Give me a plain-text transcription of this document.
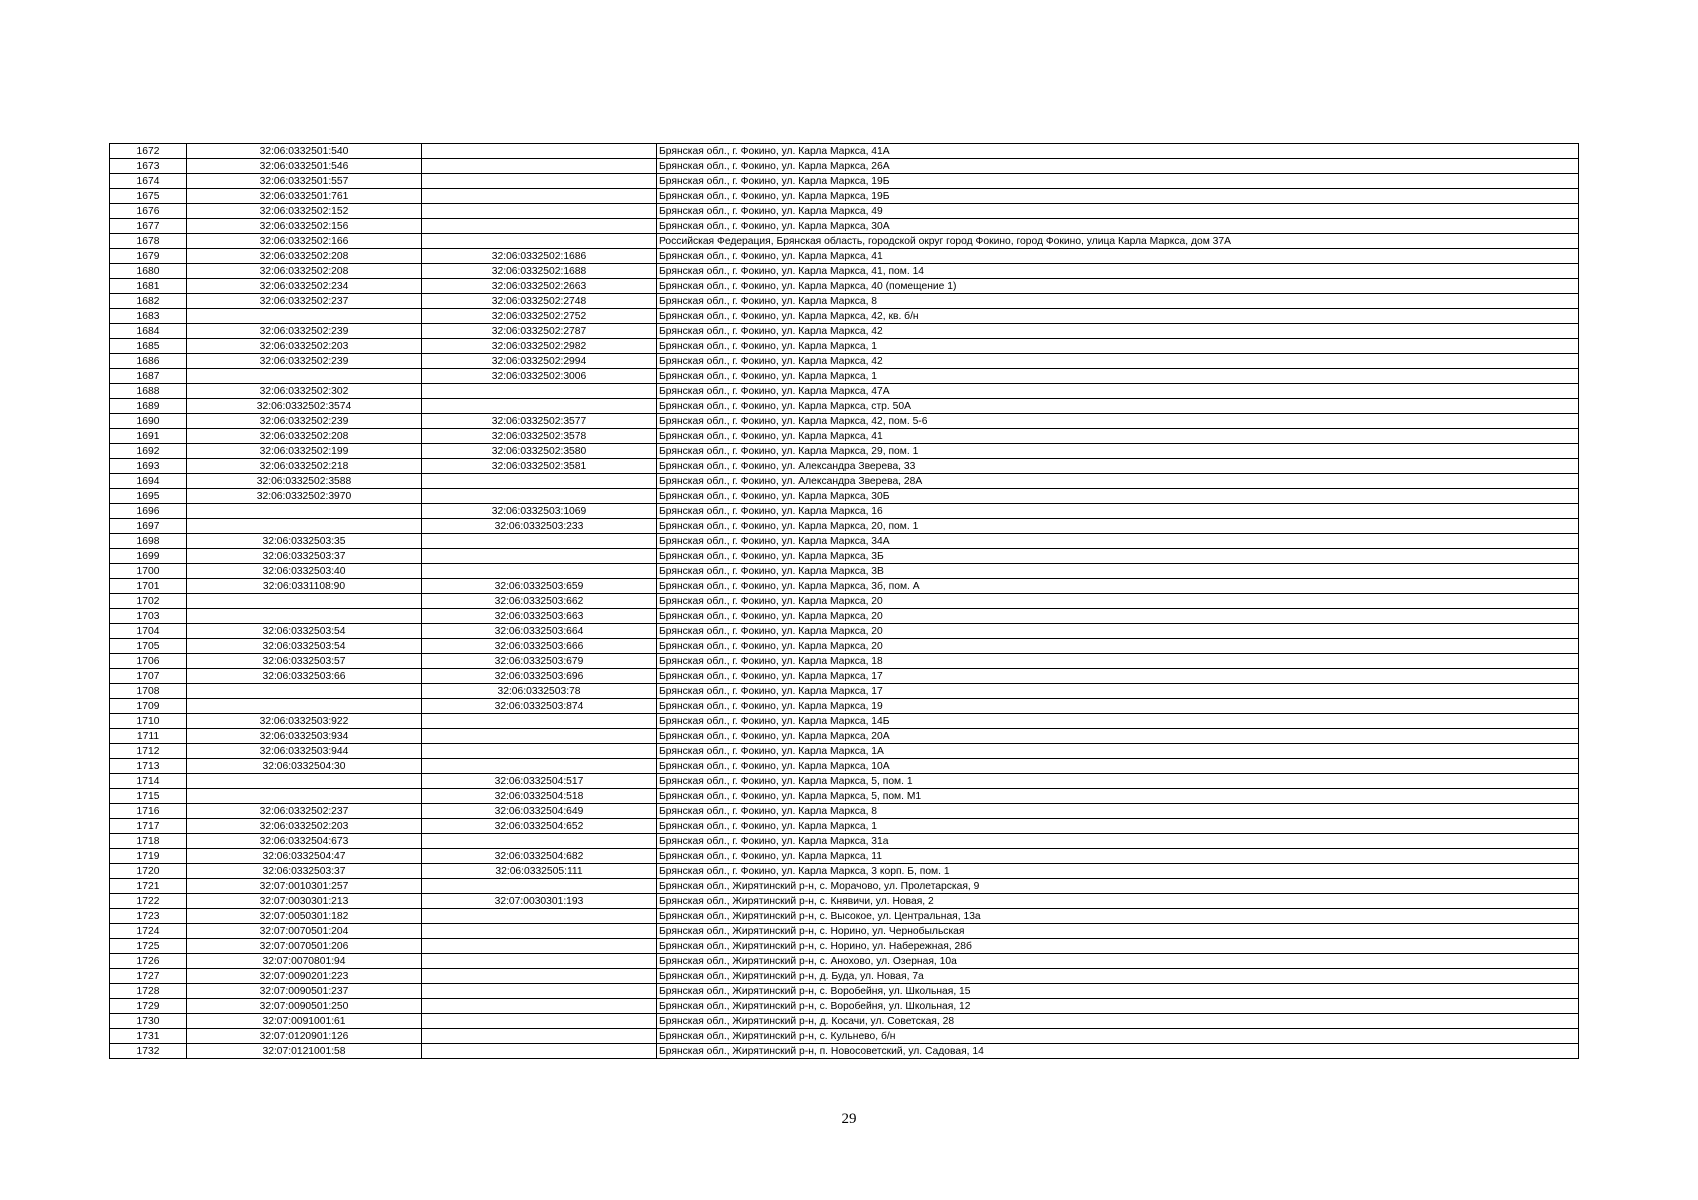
1672	32:06:0332501:540		Брянская обл., г. Фокино, ул. Карла Маркса, 41А
1673	32:06:0332501:546		Брянская обл., г. Фокино, ул. Карла Маркса, 26А
1674	32:06:0332501:557		Брянская обл., г. Фокино, ул. Карла Маркса, 19Б
1675	32:06:0332501:761		Брянская обл., г. Фокино, ул. Карла Маркса, 19Б
1676	32:06:0332502:152		Брянская обл., г. Фокино, ул. Карла Маркса, 49
1677	32:06:0332502:156		Брянская обл., г. Фокино, ул. Карла Маркса, 30А
1678	32:06:0332502:166		Российская Федерация, Брянская область, городской округ город Фокино, город Фокино, улица Карла Маркса, дом 37А
1679	32:06:0332502:208	32:06:0332502:1686	Брянская обл., г. Фокино, ул. Карла Маркса, 41
1680	32:06:0332502:208	32:06:0332502:1688	Брянская обл., г. Фокино, ул. Карла Маркса, 41, пом. 14
1681	32:06:0332502:234	32:06:0332502:2663	Брянская обл., г. Фокино, ул. Карла Маркса, 40 (помещение 1)
1682	32:06:0332502:237	32:06:0332502:2748	Брянская обл., г. Фокино, ул. Карла Маркса, 8
1683		32:06:0332502:2752	Брянская обл., г. Фокино, ул. Карла Маркса, 42, кв. б/н
1684	32:06:0332502:239	32:06:0332502:2787	Брянская обл., г. Фокино, ул. Карла Маркса, 42
1685	32:06:0332502:203	32:06:0332502:2982	Брянская обл., г. Фокино, ул. Карла Маркса, 1
1686	32:06:0332502:239	32:06:0332502:2994	Брянская обл., г. Фокино, ул. Карла Маркса, 42
1687		32:06:0332502:3006	Брянская обл., г. Фокино, ул. Карла Маркса, 1
1688	32:06:0332502:302		Брянская обл., г. Фокино, ул. Карла Маркса, 47А
1689	32:06:0332502:3574		Брянская обл., г. Фокино, ул. Карла Маркса, стр. 50А
1690	32:06:0332502:239	32:06:0332502:3577	Брянская обл., г. Фокино, ул. Карла Маркса, 42, пом. 5-6
1691	32:06:0332502:208	32:06:0332502:3578	Брянская обл., г. Фокино, ул. Карла Маркса, 41
1692	32:06:0332502:199	32:06:0332502:3580	Брянская обл., г. Фокино, ул. Карла Маркса, 29, пом. 1
1693	32:06:0332502:218	32:06:0332502:3581	Брянская обл., г. Фокино, ул. Александра Зверева, 33
1694	32:06:0332502:3588		Брянская обл., г. Фокино, ул. Александра Зверева, 28А
1695	32:06:0332502:3970		Брянская обл., г. Фокино, ул. Карла Маркса, 30Б
1696		32:06:0332503:1069	Брянская обл., г. Фокино, ул. Карла Маркса, 16
1697		32:06:0332503:233	Брянская обл., г. Фокино, ул. Карла Маркса, 20, пом. 1
1698	32:06:0332503:35		Брянская обл., г. Фокино, ул. Карла Маркса, 34А
1699	32:06:0332503:37		Брянская обл., г. Фокино, ул. Карла Маркса, 3Б
1700	32:06:0332503:40		Брянская обл., г. Фокино, ул. Карла Маркса, 3В
1701	32:06:0331108:90	32:06:0332503:659	Брянская обл., г. Фокино, ул. Карла Маркса, 3б, пом. А
1702		32:06:0332503:662	Брянская обл., г. Фокино, ул. Карла Маркса, 20
1703		32:06:0332503:663	Брянская обл., г. Фокино, ул. Карла Маркса, 20
1704	32:06:0332503:54	32:06:0332503:664	Брянская обл., г. Фокино, ул. Карла Маркса, 20
1705	32:06:0332503:54	32:06:0332503:666	Брянская обл., г. Фокино, ул. Карла Маркса, 20
1706	32:06:0332503:57	32:06:0332503:679	Брянская обл., г. Фокино, ул. Карла Маркса, 18
1707	32:06:0332503:66	32:06:0332503:696	Брянская обл., г. Фокино, ул. Карла Маркса, 17
1708		32:06:0332503:78	Брянская обл., г. Фокино, ул. Карла Маркса, 17
1709		32:06:0332503:874	Брянская обл., г. Фокино, ул. Карла Маркса, 19
1710	32:06:0332503:922		Брянская обл., г. Фокино, ул. Карла Маркса, 14Б
1711	32:06:0332503:934		Брянская обл., г. Фокино, ул. Карла Маркса, 20А
1712	32:06:0332503:944		Брянская обл., г. Фокино, ул. Карла Маркса, 1А
1713	32:06:0332504:30		Брянская обл., г. Фокино, ул. Карла Маркса, 10А
1714		32:06:0332504:517	Брянская обл., г. Фокино, ул. Карла Маркса, 5, пом. 1
1715		32:06:0332504:518	Брянская обл., г. Фокино, ул. Карла Маркса, 5, пом. М1
1716	32:06:0332502:237	32:06:0332504:649	Брянская обл., г. Фокино, ул. Карла Маркса, 8
1717	32:06:0332502:203	32:06:0332504:652	Брянская обл., г. Фокино, ул. Карла Маркса, 1
1718	32:06:0332504:673		Брянская обл., г. Фокино, ул. Карла Маркса, 31а
1719	32:06:0332504:47	32:06:0332504:682	Брянская обл., г. Фокино, ул. Карла Маркса, 11
1720	32:06:0332503:37	32:06:0332505:111	Брянская обл., г. Фокино, ул. Карла Маркса, 3 корп. Б, пом. 1
1721	32:07:0010301:257		Брянская обл., Жирятинский р-н, с. Морачово, ул. Пролетарская, 9
1722	32:07:0030301:213	32:07:0030301:193	Брянская обл., Жирятинский р-н, с. Княвичи, ул. Новая, 2
1723	32:07:0050301:182		Брянская обл., Жирятинский р-н, с. Высокое, ул. Центральная, 13а
1724	32:07:0070501:204		Брянская обл., Жирятинский р-н, с. Норино, ул. Чернобыльская
1725	32:07:0070501:206		Брянская обл., Жирятинский р-н, с. Норино, ул. Набережная, 28б
1726	32:07:0070801:94		Брянская обл., Жирятинский р-н, с. Анохово, ул. Озерная, 10а
1727	32:07:0090201:223		Брянская обл., Жирятинский р-н, д. Буда, ул. Новая, 7а
1728	32:07:0090501:237		Брянская обл., Жирятинский р-н, с. Воробейня, ул. Школьная, 15
1729	32:07:0090501:250		Брянская обл., Жирятинский р-н, с. Воробейня, ул. Школьная, 12
1730	32:07:0091001:61		Брянская обл., Жирятинский р-н, д. Косачи, ул. Советская, 28
1731	32:07:0120901:126		Брянская обл., Жирятинский р-н, с. Кульнево, б/н
1732	32:07:0121001:58		Брянская обл., Жирятинский р-н, п. Новосоветский, ул. Садовая, 14
29
